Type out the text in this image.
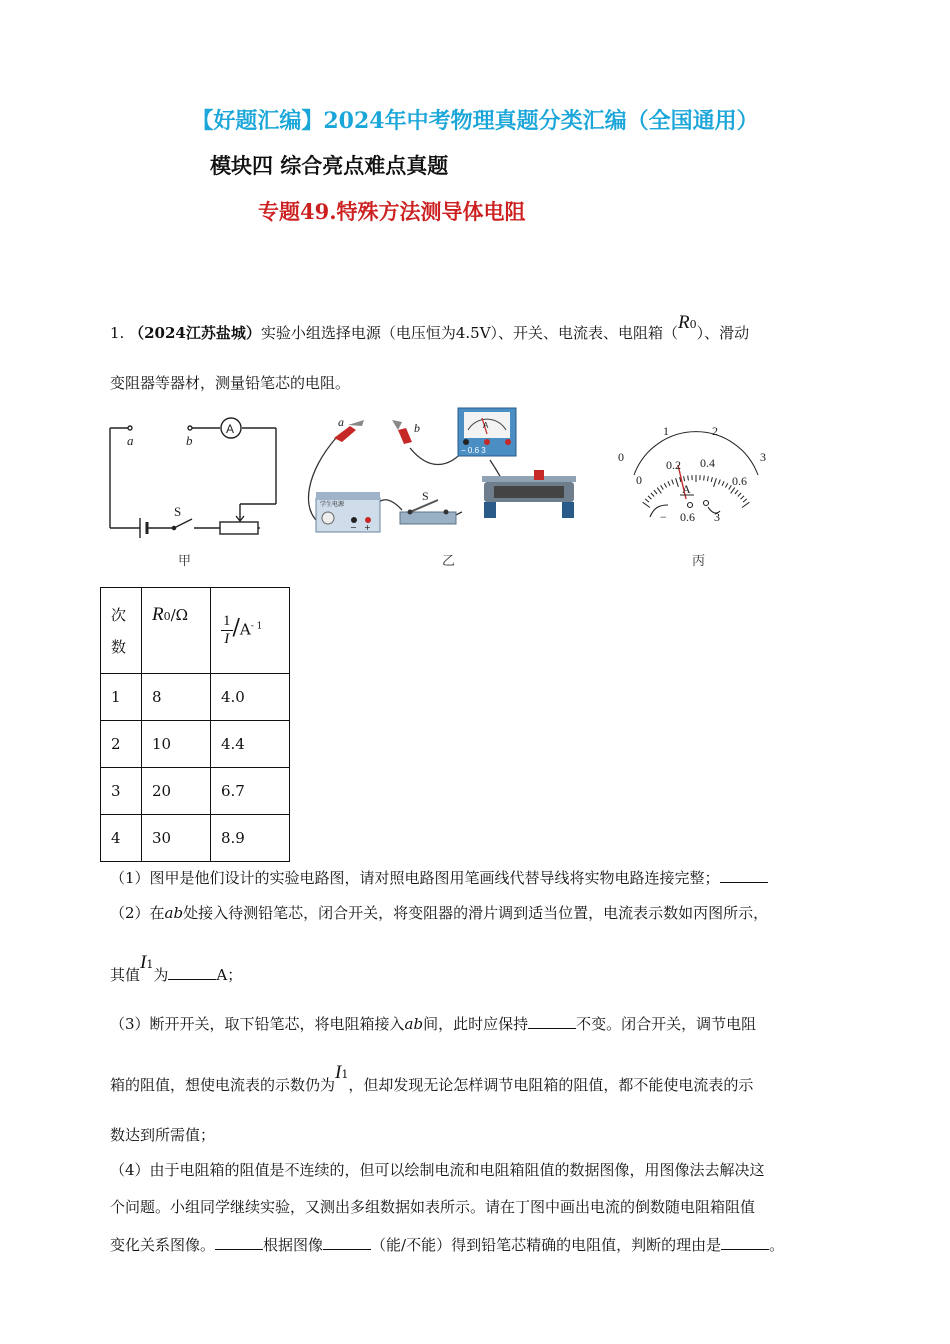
【好题汇编】2024年中考物理真题分类汇编（全国通用）
模块四 综合亮点难点真题
专题49.特殊方法测导体电阻
1. （2024江苏盐城）实验小组选择电源（电压恒为4.5V）、开关、电流表、电阻箱（R0）、滑动
变阻器等器材，测量铅笔芯的电阻。
A
a	b
S
甲
a	b	A
− 0.6 3
学生电源
− +
S
乙
0
1	2
3
0
0.2 0.4
0.6
A
− 0.6 3
丙
次
数	R0/Ω	$\frac{1}{I} /A^{- 1}$
1	8	4.0
2	10	4.4
3	20	6.7
4	30	8.9
（1）图甲是他们设计的实验电路图，请对照电路图用笔画线代替导线将实物电路连接完整；
（2）在ab处接入待测铅笔芯，闭合开关，将变阻器的滑片调到适当位置，电流表示数如丙图所示，
其值I1为	A；
（3）断开开关，取下铅笔芯，将电阻箱接入ab间，此时应保持	不变。闭合开关，调节电阻
箱的阻值，想使电流表的示数仍为I1，但却发现无论怎样调节电阻箱的阻值，都不能使电流表的示
数达到所需值；
（4）由于电阻箱的阻值是不连续的，但可以绘制电流和电阻箱阻值的数据图像，用图像法去解决这
个问题。小组同学继续实验，又测出多组数据如表所示。请在丁图中画出电流的倒数随电阻箱阻值
变化关系图像。	根据图像	（能/不能）得到铅笔芯精确的电阻值，判断的理由是	。
